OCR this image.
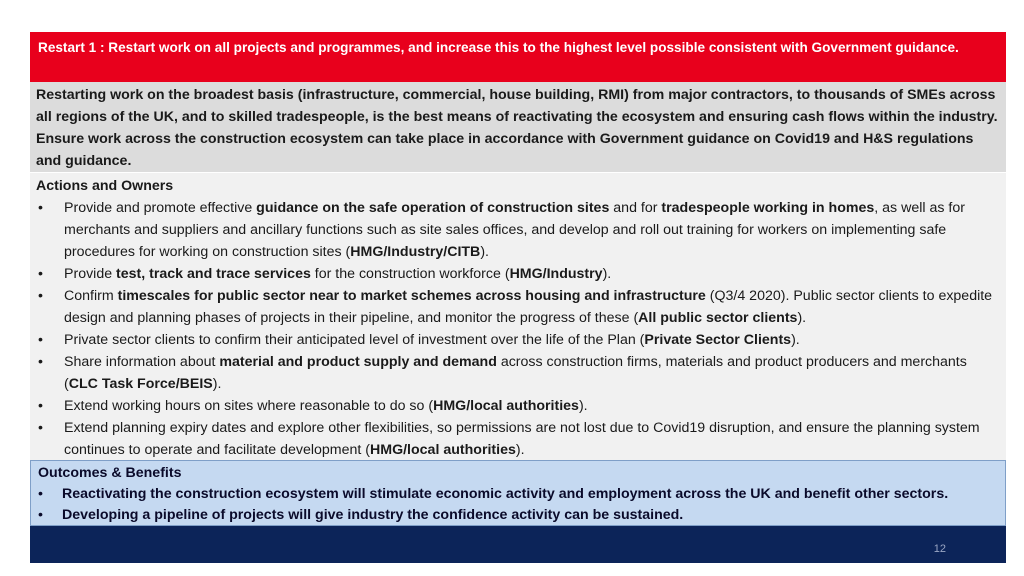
Restart 1 : Restart work on all projects and programmes, and increase this to the highest level possible consistent with Government guidance.
Restarting work on the broadest basis (infrastructure, commercial, house building, RMI) from major contractors, to thousands of SMEs across all regions of the UK, and to skilled tradespeople, is the best means of reactivating the ecosystem and ensuring cash flows within the industry. Ensure work across the construction ecosystem can take place in accordance with Government guidance on Covid19 and H&S regulations and guidance.
Actions and Owners
• Provide and promote effective guidance on the safe operation of construction sites and for tradespeople working in homes, as well as for merchants and suppliers and ancillary functions such as site sales offices, and develop and roll out training for workers on implementing safe procedures for working on construction sites (HMG/Industry/CITB).
• Provide test, track and trace services for the construction workforce (HMG/Industry).
• Confirm timescales for public sector near to market schemes across housing and infrastructure (Q3/4 2020). Public sector clients to expedite design and planning phases of projects in their pipeline, and monitor the progress of these (All public sector clients).
• Private sector clients to confirm their anticipated level of investment over the life of the Plan (Private Sector Clients).
• Share information about material and product supply and demand across construction firms, materials and product producers and merchants (CLC Task Force/BEIS).
• Extend working hours on sites where reasonable to do so (HMG/local authorities).
• Extend planning expiry dates and explore other flexibilities, so permissions are not lost due to Covid19 disruption, and ensure the planning system continues to operate and facilitate development (HMG/local authorities).
Outcomes & Benefits
• Reactivating the construction ecosystem will stimulate economic activity and employment across the UK and benefit other sectors.
• Developing a pipeline of projects will give industry the confidence activity can be sustained.
12
